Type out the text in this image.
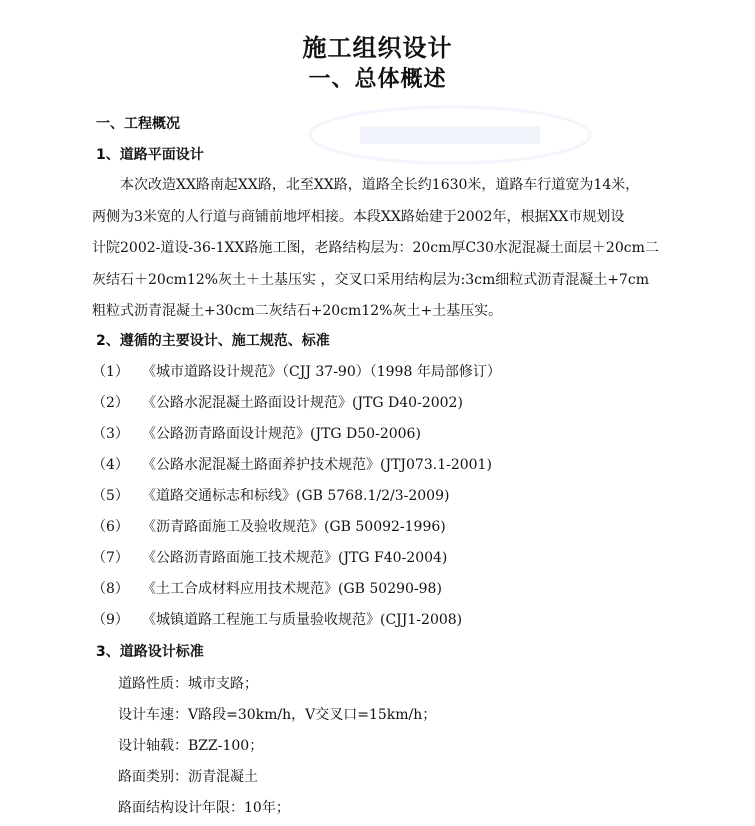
施工组织设计
一、总体概述
一、工程概况
1、道路平面设计
本次改造XX路南起XX路，北至XX路，道路全长约1630米，道路车行道宽为14米，
两侧为3米宽的人行道与商铺前地坪相接。本段XX路始建于2002年，根据XX市规划设
计院2002-道设-36-1XX路施工图，老路结构层为：20cm厚C30水泥混凝土面层＋20cm二
灰结石＋20cm12%灰土＋土基压实 ，交叉口采用结构层为:3cm细粒式沥青混凝土+7cm
粗粒式沥青混凝土+30cm二灰结石+20cm12%灰土+土基压实。
2、遵循的主要设计、施工规范、标准
（1） 《城市道路设计规范》（CJJ 37-90）（1998 年局部修订）
（2） 《公路水泥混凝土路面设计规范》(JTG D40-2002)
（3） 《公路沥青路面设计规范》(JTG D50-2006)
（4） 《公路水泥混凝土路面养护技术规范》(JTJ073.1-2001)
（5） 《道路交通标志和标线》(GB 5768.1/2/3-2009)
（6） 《沥青路面施工及验收规范》(GB 50092-1996)
（7） 《公路沥青路面施工技术规范》(JTG F40-2004)
（8） 《土工合成材料应用技术规范》(GB 50290-98)
（9） 《城镇道路工程施工与质量验收规范》(CJJ1-2008)
3、道路设计标准
道路性质：城市支路；
设计车速：V路段=30km/h，V交叉口=15km/h；
设计轴载：BZZ-100；
路面类别：沥青混凝土
路面结构设计年限：10年；
